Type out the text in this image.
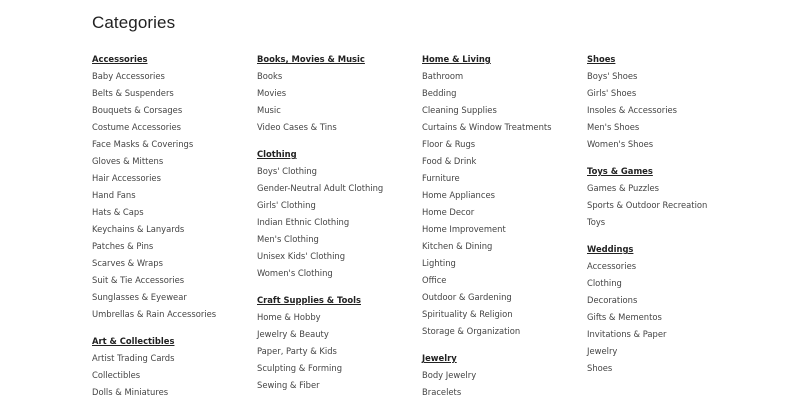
Categories
Accessories
Baby Accessories
Belts & Suspenders
Bouquets & Corsages
Costume Accessories
Face Masks & Coverings
Gloves & Mittens
Hair Accessories
Hand Fans
Hats & Caps
Keychains & Lanyards
Patches & Pins
Scarves & Wraps
Suit & Tie Accessories
Sunglasses & Eyewear
Umbrellas & Rain Accessories
Art & Collectibles
Artist Trading Cards
Collectibles
Dolls & Miniatures
Books, Movies & Music
Books
Movies
Music
Video Cases & Tins
Clothing
Boys' Clothing
Gender-Neutral Adult Clothing
Girls' Clothing
Indian Ethnic Clothing
Men's Clothing
Unisex Kids' Clothing
Women's Clothing
Craft Supplies & Tools
Home & Hobby
Jewelry & Beauty
Paper, Party & Kids
Sculpting & Forming
Sewing & Fiber
Home & Living
Bathroom
Bedding
Cleaning Supplies
Curtains & Window Treatments
Floor & Rugs
Food & Drink
Furniture
Home Appliances
Home Decor
Home Improvement
Kitchen & Dining
Lighting
Office
Outdoor & Gardening
Spirituality & Religion
Storage & Organization
Jewelry
Body Jewelry
Bracelets
Shoes
Boys' Shoes
Girls' Shoes
Insoles & Accessories
Men's Shoes
Women's Shoes
Toys & Games
Games & Puzzles
Sports & Outdoor Recreation
Toys
Weddings
Accessories
Clothing
Decorations
Gifts & Mementos
Invitations & Paper
Jewelry
Shoes
